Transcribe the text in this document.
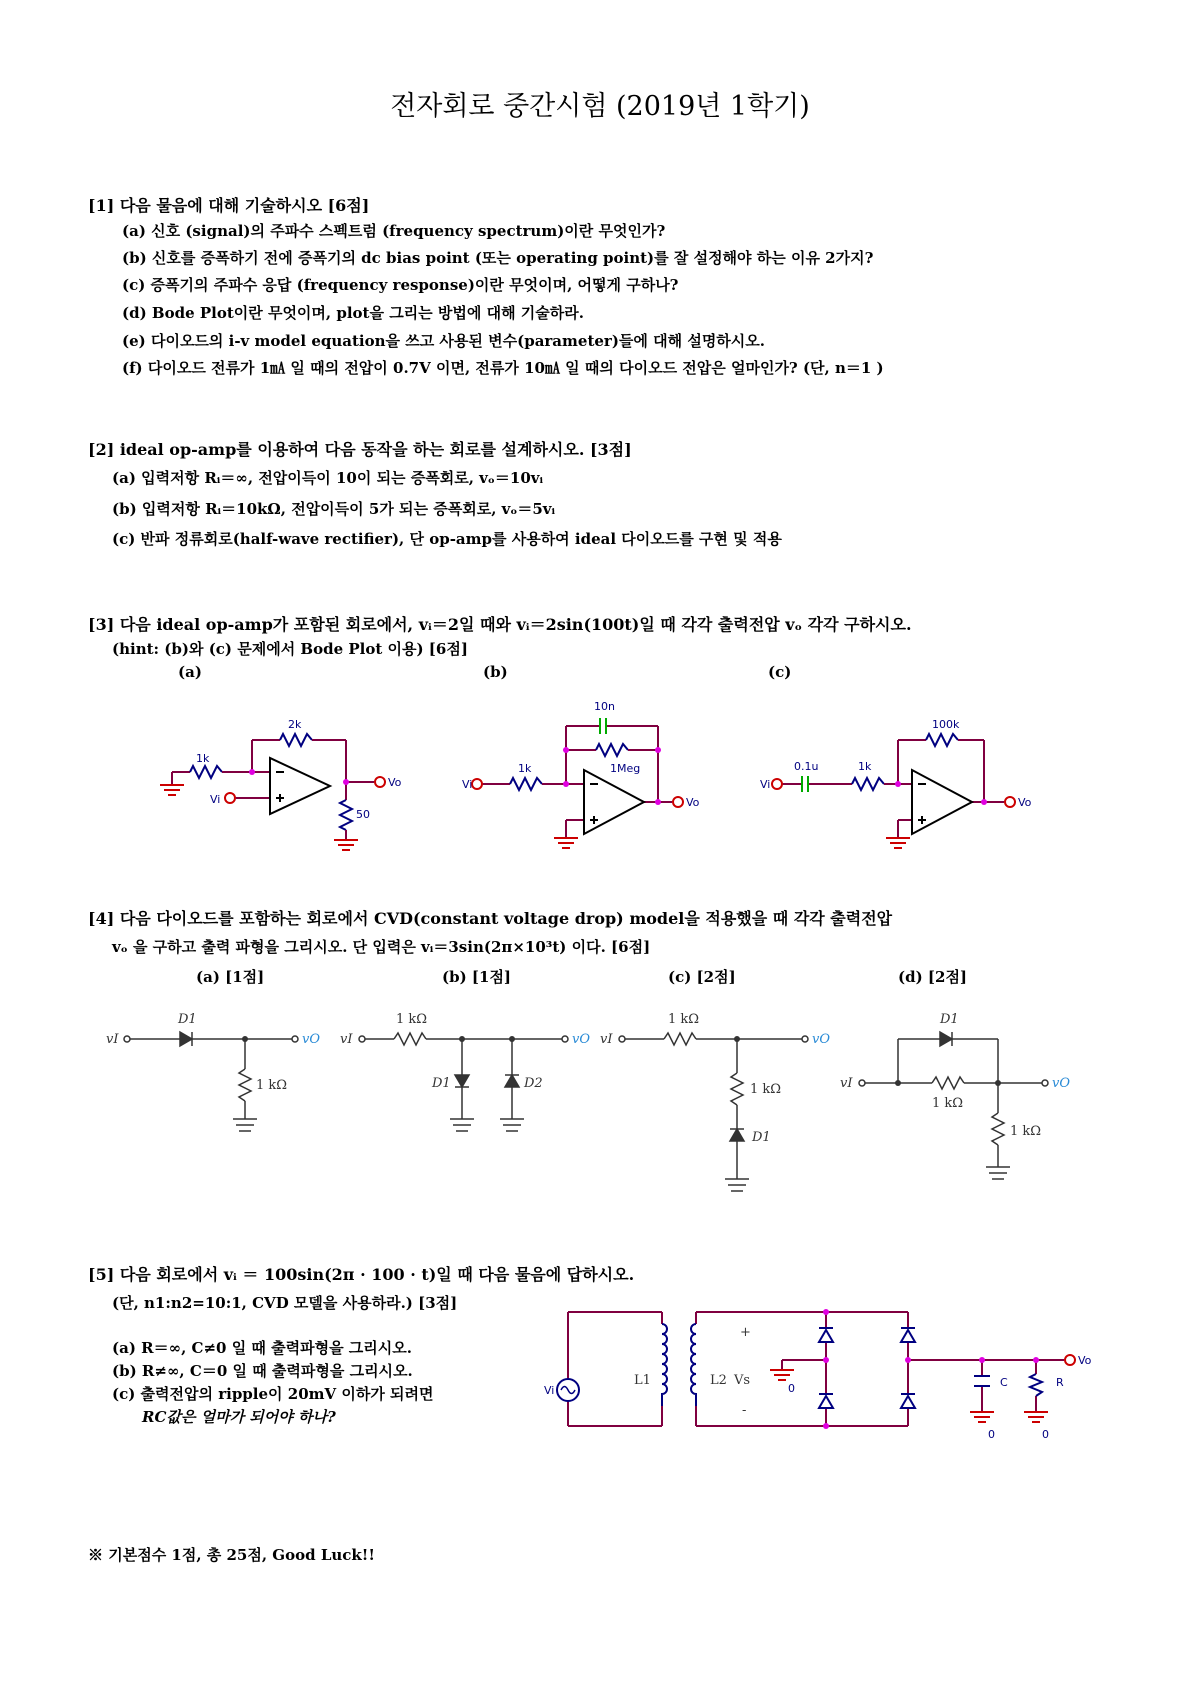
전자회로 중간시험 (2019년 1학기)
[1] 다음 물음에 대해 기술하시오 [6점]
(a) 신호 (signal)의 주파수 스펙트럼 (frequency spectrum)이란 무엇인가?
(b) 신호를 증폭하기 전에 증폭기의 dc bias point (또는 operating point)를 잘 설정해야 하는 이유 2가지?
(c) 증폭기의 주파수 응답 (frequency response)이란 무엇이며, 어떻게 구하나?
(d) Bode Plot이란 무엇이며, plot을 그리는 방법에 대해 기술하라.
(e) 다이오드의 i-v model equation을 쓰고 사용된 변수(parameter)들에 대해 설명하시오.
(f) 다이오드 전류가 1㎃ 일 때의 전압이 0.7V 이면, 전류가 10㎃ 일 때의 다이오드 전압은 얼마인가? (단, n＝1 )
[2] ideal op-amp를 이용하여 다음 동작을 하는 회로를 설계하시오. [3점]
(a) 입력저항 Rᵢ＝∞, 전압이득이 10이 되는 증폭회로, vₒ＝10vᵢ
(b) 입력저항 Rᵢ＝10kΩ, 전압이득이 5가 되는 증폭회로, vₒ＝5vᵢ
(c) 반파 정류회로(half-wave rectifier), 단 op-amp를 사용하여 ideal 다이오드를 구현 및 적용
[3] 다음 ideal op-amp가 포함된 회로에서, vᵢ＝2일 때와 vᵢ＝2sin(100t)일 때 각각 출력전압 vₒ 각각 구하시오.
(hint: (b)와 (c) 문제에서 Bode Plot 이용) [6점]
(a)	(b)	(c)
1k
2k
50
Vi
Vo
10n
1Meg
1k
Vi
Vo
0.1u	1k
100k
Vi
Vo
[4] 다음 다이오드를 포함하는 회로에서 CVD(constant voltage drop) model을 적용했을 때 각각 출력전압
vₒ 을 구하고 출력 파형을 그리시오. 단 입력은 vᵢ＝3sin(2π×10³t) 이다. [6점]
(a) [1점]	(b) [1점]	(c) [2점]	(d) [2점]
vI	vO
D1
1 kΩ
vI	vO
1 kΩ
D1	D2
vI	vO
1 kΩ
1 kΩ
D1
vI	vO
D1
1 kΩ
1 kΩ
[5] 다음 회로에서 vᵢ ＝ 100sin(2π · 100 · t)일 때 다음 물음에 답하시오.
(단, n1:n2=10:1, CVD 모델을 사용하라.) [3점]
(a) R＝∞, C≠0 일 때 출력파형을 그리시오.
(b) R≠∞, C＝0 일 때 출력파형을 그리시오.
(c) 출력전압의 ripple이 20mV 이하가 되려면
RC값은 얼마가 되어야 하나?
Vi
L1	L2 Vs
+
-
0
0	0
C	R
Vo
※ 기본점수 1점, 총 25점, Good Luck!!
